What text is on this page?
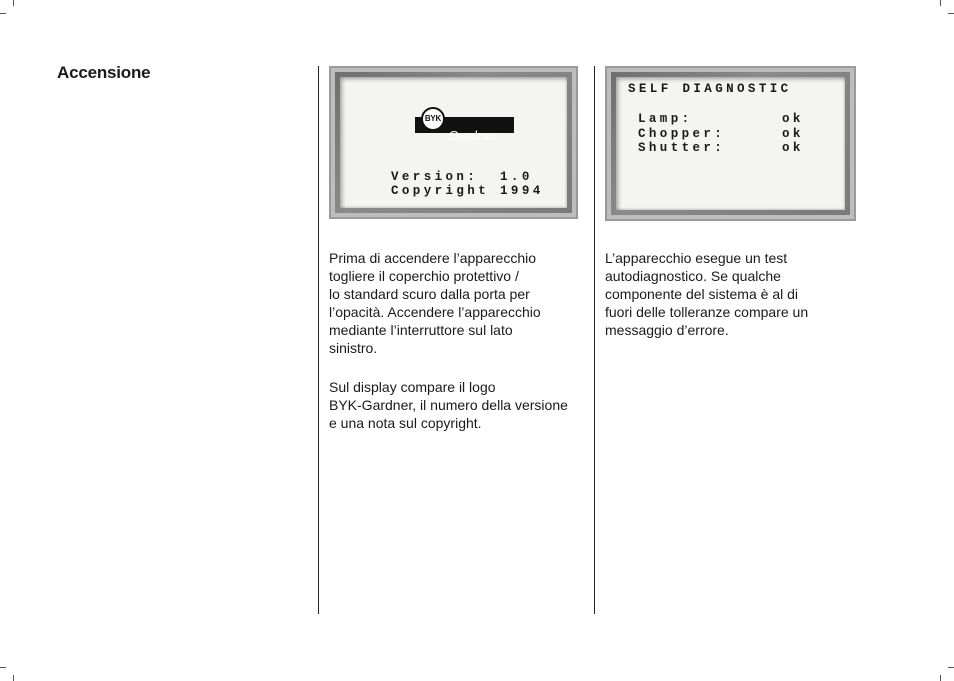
Accensione
Gardner
BYK
Version:  1.0
Copyright 1994
SELF DIAGNOSTIC
Lamp:	ok
Chopper:	ok
Shutter:	ok
Prima di accendere l’apparecchio
togliere il coperchio protettivo /
lo standard scuro dalla porta per
l’opacità. Accendere l’apparecchio
mediante l’interruttore sul lato
sinistro.
Sul display compare il logo
BYK-Gardner, il numero della versione
e una nota sul copyright.
L’apparecchio esegue un test
autodiagnostico. Se qualche
componente del sistema è al di
fuori delle tolleranze compare un
messaggio d’errore.
